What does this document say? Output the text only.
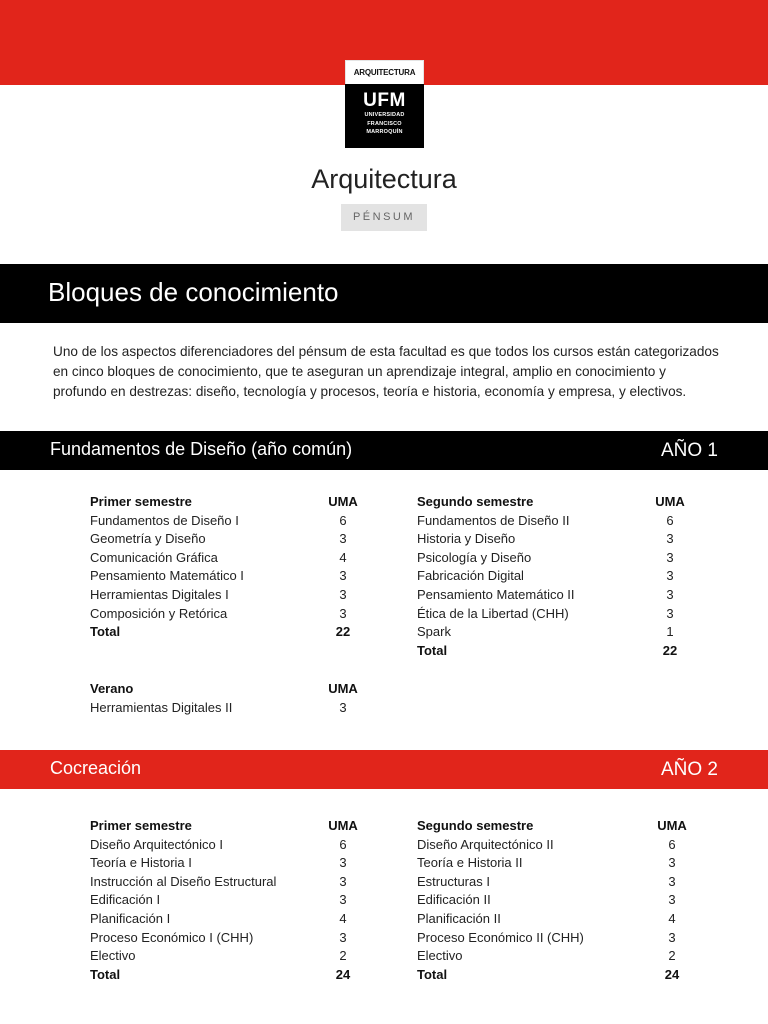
ARQUITECTURA
UFM
UNIVERSIDAD
FRANCISCO
MARROQUÍN
Arquitectura
PÉNSUM
Bloques de conocimiento

Uno de los aspectos diferenciadores del pénsum de esta facultad es que todos los cursos están categorizados en cinco bloques de conocimiento, que te aseguran un aprendizaje integral, amplio en conocimiento y profundo en destrezas: diseño, tecnología y procesos, teoría e historia, economía y empresa, y electivos.

Fundamentos de Diseño (año común)	AÑO 1
Primer semestre	UMA
Fundamentos de Diseño I	6
Geometría y Diseño	3
Comunicación Gráfica	4
Pensamiento Matemático I	3
Herramientas Digitales I	3
Composición y Retórica	3
Total	22
Segundo semestre	UMA
Fundamentos de Diseño II	6
Historia y Diseño	3
Psicología y Diseño	3
Fabricación Digital	3
Pensamiento Matemático II	3
Ética de la Libertad (CHH)	3
Spark	1
Total	22
Verano	UMA
Herramientas Digitales II	3
Cocreación	AÑO 2
Primer semestre	UMA
Diseño Arquitectónico I	6
Teoría e Historia I	3
Instrucción al Diseño Estructural	3
Edificación I	3
Planificación I	4
Proceso Económico I (CHH)	3
Electivo	2
Total	24
Segundo semestre	UMA
Diseño Arquitectónico II	6
Teoría e Historia II	3
Estructuras I	3
Edificación II	3
Planificación II	4
Proceso Económico II (CHH)	3
Electivo	2
Total	24
